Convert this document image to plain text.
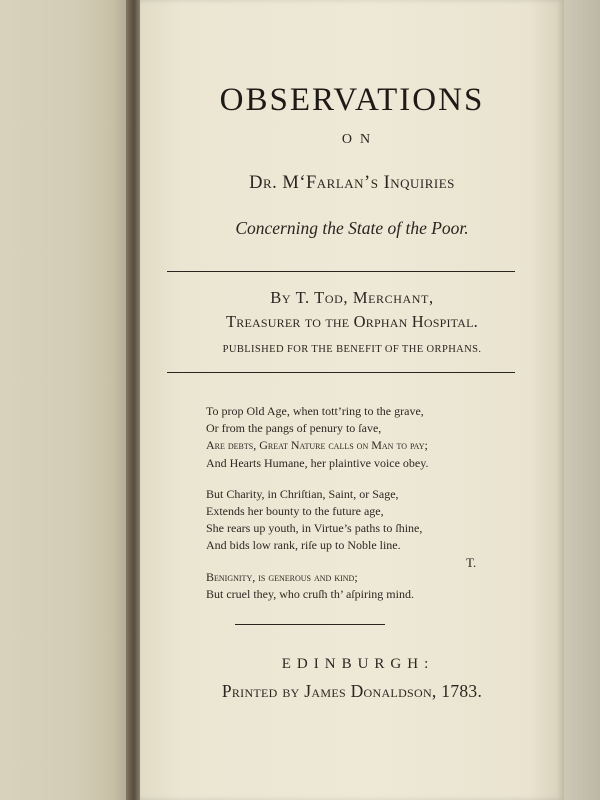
OBSERVATIONS
ON
Dr. M‘Farlan’s Inquiries
Concerning the State of the Poor.
By T. Tod, Merchant,
Treasurer to the Orphan Hospital.
PUBLISHED FOR THE BENEFIT OF THE ORPHANS.
To prop Old Age, when tott’ring to the grave,
Or from the pangs of penury to ſave,
Are debts, Great Nature calls on Man to pay;
And Hearts Humane, her plaintive voice obey.
But Charity, in Chriſtian, Saint, or Sage,
Extends her bounty to the future age,
She rears up youth, in Virtue’s paths to ſhine,
And bids low rank, riſe up to Noble line.
Benignity, is generous and kind;
But cruel they, who cruſh th’ aſpiring mind.
T.
EDINBURGH:
Printed by James Donaldson, 1783.
